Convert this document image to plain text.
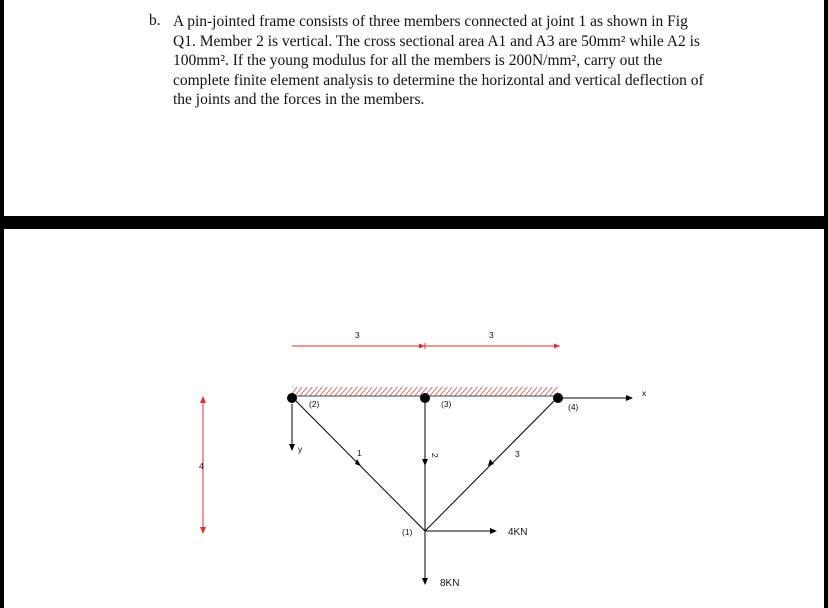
b. A pin-jointed frame consists of three members connected at joint 1 as shown in Fig
Q1. Member 2 is vertical. The cross sectional area A1 and A3 are 50mm² while A2 is
100mm². If the young modulus for all the members is 200N/mm², carry out the
complete finite element analysis to determine the horizontal and vertical deflection of
the joints and the forces in the members.
3	3
4
1	2	3
(2)	(3)	(4)
(1)
y
x
4KN
8KN
